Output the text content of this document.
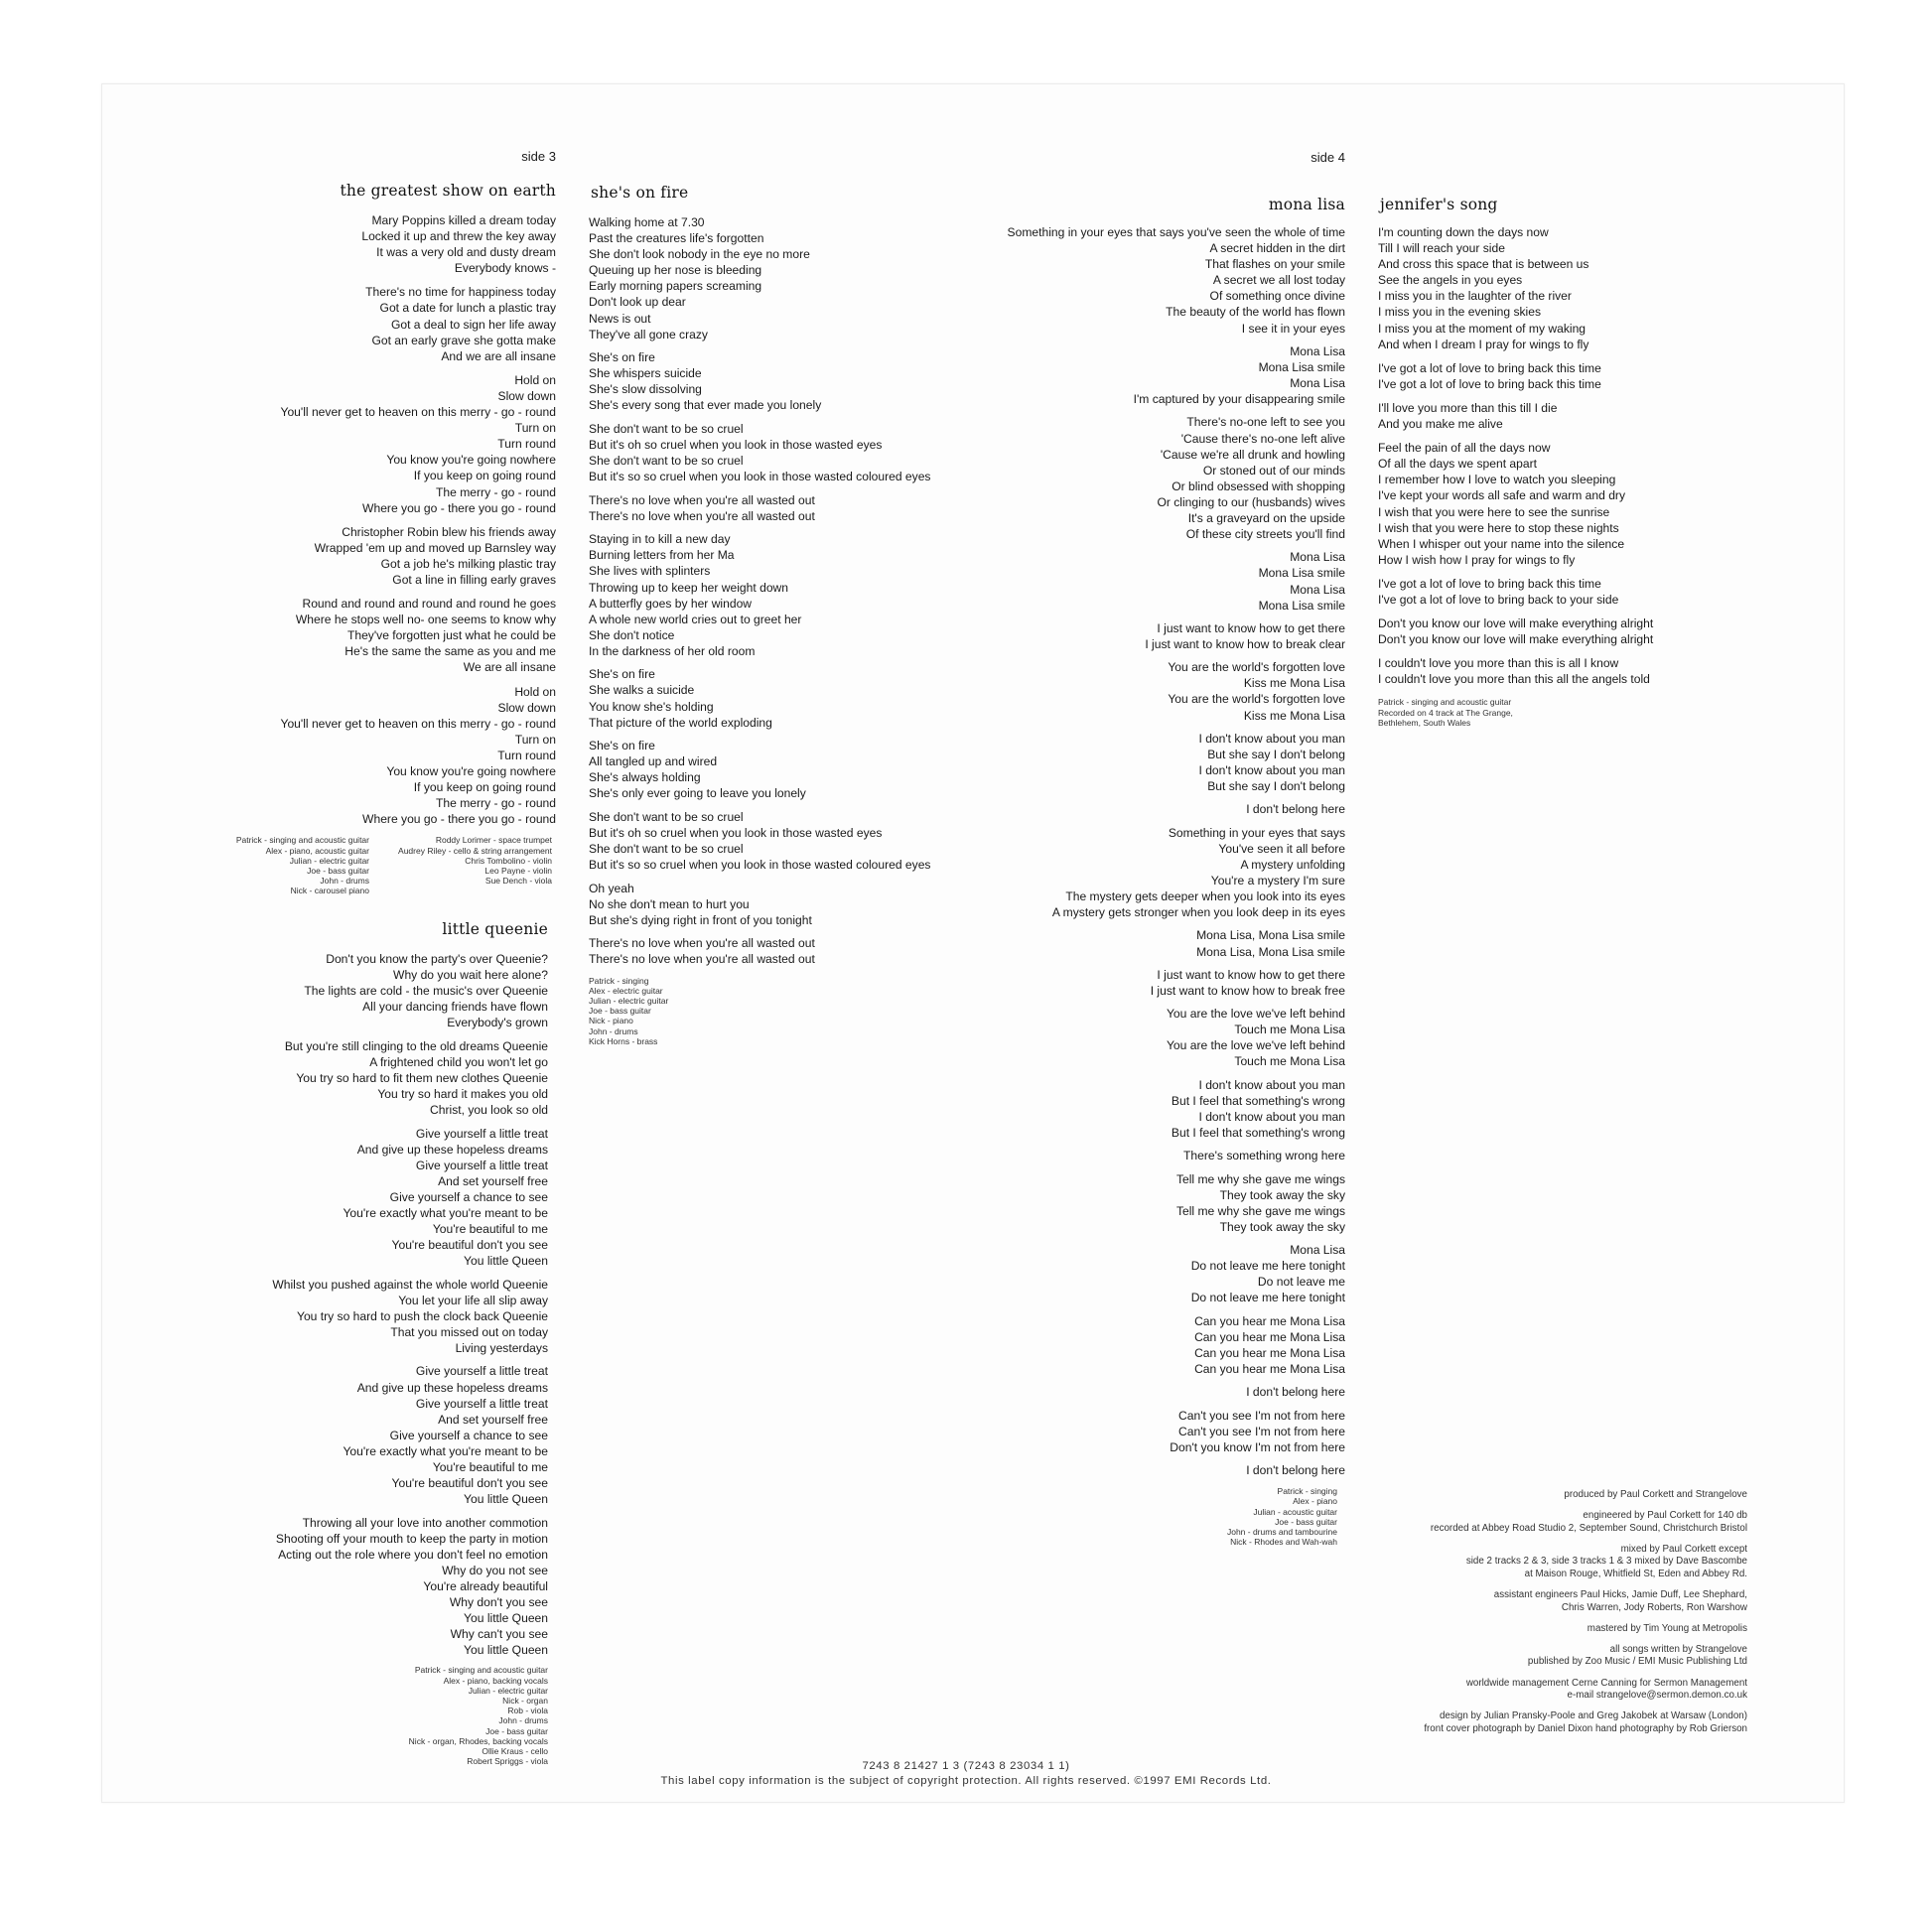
side 3
the greatest show on earth
Mary Poppins killed a dream today
Locked it up and threw the key away
It was a very old and dusty dream
Everybody knows -
There's no time for happiness today
Got a date for lunch a plastic tray
Got a deal to sign her life away
Got an early grave she gotta make
And we are all insane
Hold on
Slow down
You'll never get to heaven on this merry - go - round
Turn on
Turn round
You know you're going nowhere
If you keep on going round
The merry - go - round
Where you go - there you go - round
Christopher Robin blew his friends away
Wrapped 'em up and moved up Barnsley way
Got a job he's milking plastic tray
Got a line in filling early graves
Round and round and round and round he goes
Where he stops well no- one seems to know why
They've forgotten just what he could be
He's the same the same as you and me
We are all insane
Hold on
Slow down
You'll never get to heaven on this merry - go - round
Turn on
Turn round
You know you're going nowhere
If you keep on going round
The merry - go - round
Where you go - there you go - round
Patrick - singing and acoustic guitar
Alex - piano, acoustic guitar
Julian - electric guitar
Joe - bass guitar
John - drums
Nick - carousel piano
Roddy Lorimer - space trumpet
Audrey Riley - cello & string arrangement
Chris Tombolino - violin
Leo Payne - violin
Sue Dench - viola
little queenie
Don't you know the party's over Queenie?
Why do you wait here alone?
The lights are cold - the music's over Queenie
All your dancing friends have flown
Everybody's grown
But you're still clinging to the old dreams Queenie
A frightened child you won't let go
You try so hard to fit them new clothes Queenie
You try so hard it makes you old
Christ, you look so old
Give yourself a little treat
And give up these hopeless dreams
Give yourself a little treat
And set yourself free
Give yourself a chance to see
You're exactly what you're meant to be
You're beautiful to me
You're beautiful don't you see
You little Queen
Whilst you pushed against the whole world Queenie
You let your life all slip away
You try so hard to push the clock back Queenie
That you missed out on today
Living yesterdays
Give yourself a little treat
And give up these hopeless dreams
Give yourself a little treat
And set yourself free
Give yourself a chance to see
You're exactly what you're meant to be
You're beautiful to me
You're beautiful don't you see
You little Queen
Throwing all your love into another commotion
Shooting off your mouth to keep the party in motion
Acting out the role where you don't feel no emotion
Why do you not see
You're already beautiful
Why don't you see
You little Queen
Why can't you see
You little Queen
Patrick - singing and acoustic guitar
Alex - piano, backing vocals
Julian - electric guitar
Nick - organ
Rob - viola
John - drums
Joe - bass guitar
Nick - organ, Rhodes, backing vocals
Ollie Kraus - cello
Robert Spriggs - viola
she's on fire
Walking home at 7.30
Past the creatures life's forgotten
She don't look nobody in the eye no more
Queuing up her nose is bleeding
Early morning papers screaming
Don't look up dear
News is out
They've all gone crazy
She's on fire
She whispers suicide
She's slow dissolving
She's every song that ever made you lonely
She don't want to be so cruel
But it's oh so cruel when you look in those wasted eyes
She don't want to be so cruel
But it's so so cruel when you look in those wasted coloured eyes
There's no love when you're all wasted out
There's no love when you're all wasted out
Staying in to kill a new day
Burning letters from her Ma
She lives with splinters
Throwing up to keep her weight down
A butterfly goes by her window
A whole new world cries out to greet her
She don't notice
In the darkness of her old room
She's on fire
She walks a suicide
You know she's holding
That picture of the world exploding
She's on fire
All tangled up and wired
She's always holding
She's only ever going to leave you lonely
She don't want to be so cruel
But it's oh so cruel when you look in those wasted eyes
She don't want to be so cruel
But it's so so cruel when you look in those wasted coloured eyes
Oh yeah
No she don't mean to hurt you
But she's dying right in front of you tonight
There's no love when you're all wasted out
There's no love when you're all wasted out
Patrick - singing
Alex - electric guitar
Julian - electric guitar
Joe - bass guitar
Nick - piano
John - drums
Kick Horns - brass
side 4
mona lisa
Something in your eyes that says you've seen the whole of time
A secret hidden in the dirt
That flashes on your smile
A secret we all lost today
Of something once divine
The beauty of the world has flown
I see it in your eyes
Mona Lisa
Mona Lisa smile
Mona Lisa
I'm captured by your disappearing smile
There's no-one left to see you
'Cause there's no-one left alive
'Cause we're all drunk and howling
Or stoned out of our minds
Or blind obsessed with shopping
Or clinging to our (husbands) wives
It's a graveyard on the upside
Of these city streets you'll find
Mona Lisa
Mona Lisa smile
Mona Lisa
Mona Lisa smile
I just want to know how to get there
I just want to know how to break clear
You are the world's forgotten love
Kiss me Mona Lisa
You are the world's forgotten love
Kiss me Mona Lisa
I don't know about you man
But she say I don't belong
I don't know about you man
But she say I don't belong
I don't belong here
Something in your eyes that says
You've seen it all before
A mystery unfolding
You're a mystery I'm sure
The mystery gets deeper when you look into its eyes
A mystery gets stronger when you look deep in its eyes
Mona Lisa, Mona Lisa smile
Mona Lisa, Mona Lisa smile
I just want to know how to get there
I just want to know how to break free
You are the love we've left behind
Touch me Mona Lisa
You are the love we've left behind
Touch me Mona Lisa
I don't know about you man
But I feel that something's wrong
I don't know about you man
But I feel that something's wrong
There's something wrong here
Tell me why she gave me wings
They took away the sky
Tell me why she gave me wings
They took away the sky
Mona Lisa
Do not leave me here tonight
Do not leave me
Do not leave me here tonight
Can you hear me Mona Lisa
Can you hear me Mona Lisa
Can you hear me Mona Lisa
Can you hear me Mona Lisa
I don't belong here
Can't you see I'm not from here
Can't you see I'm not from here
Don't you know I'm not from here
I don't belong here
Patrick - singing
Alex - piano
Julian - acoustic guitar
Joe - bass guitar
John - drums and tambourine
Nick - Rhodes and Wah-wah
jennifer's song
I'm counting down the days now
Till I will reach your side
And cross this space that is between us
See the angels in you eyes
I miss you in the laughter of the river
I miss you in the evening skies
I miss you at the moment of my waking
And when I dream I pray for wings to fly
I've got a lot of love to bring back this time
I've got a lot of love to bring back this time
I'll love you more than this till I die
And you make me alive
Feel the pain of all the days now
Of all the days we spent apart
I remember how I love to watch you sleeping
I've kept your words all safe and warm and dry
I wish that you were here to see the sunrise
I wish that you were here to stop these nights
When I whisper out your name into the silence
How I wish how I pray for wings to fly
I've got a lot of love to bring back this time
I've got a lot of love to bring back to your side
Don't you know our love will make everything alright
Don't you know our love will make everything alright
I couldn't love you more than this is all I know
I couldn't love you more than this all the angels told
Patrick - singing and acoustic guitar
Recorded on 4 track at The Grange,
Bethlehem, South Wales
produced by Paul Corkett and Strangelove
engineered by Paul Corkett for 140 db
recorded at Abbey Road Studio 2, September Sound, Christchurch Bristol
mixed by Paul Corkett except
side 2 tracks 2 & 3, side 3 tracks 1 & 3 mixed by Dave Bascombe
at Maison Rouge, Whitfield St, Eden and Abbey Rd.
assistant engineers Paul Hicks, Jamie Duff, Lee Shephard,
Chris Warren, Jody Roberts, Ron Warshow
mastered by Tim Young at Metropolis
all songs written by Strangelove
published by Zoo Music / EMI Music Publishing Ltd
worldwide management Cerne Canning for Sermon Management
e-mail strangelove@sermon.demon.co.uk
design by Julian Pransky-Poole and Greg Jakobek at Warsaw (London)
front cover photograph by Daniel Dixon hand photography by Rob Grierson
7243 8 21427 1 3 (7243 8 23034 1 1)
This label copy information is the subject of copyright protection. All rights reserved. ©1997 EMI Records Ltd.
